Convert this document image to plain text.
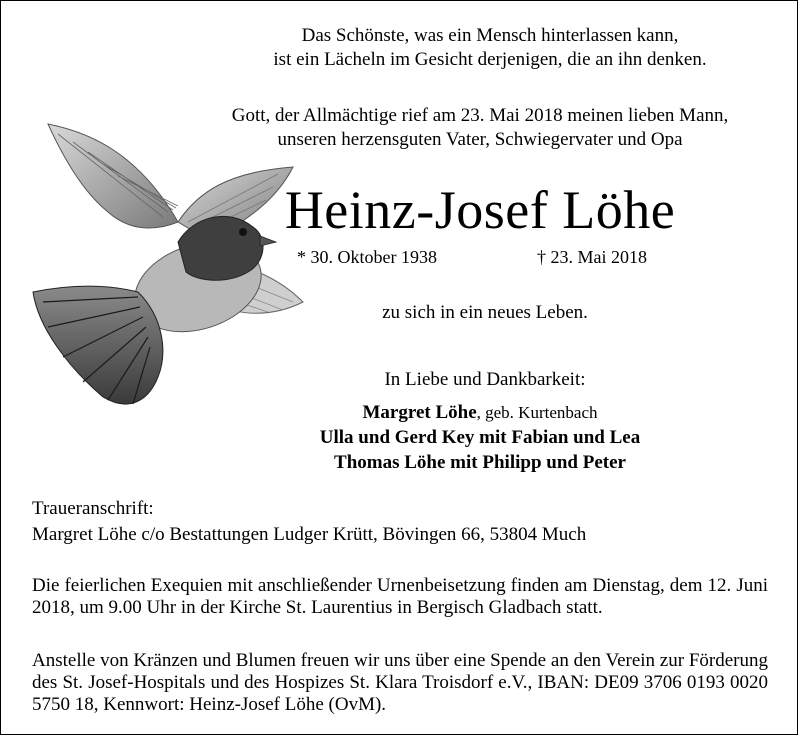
Das Schönste, was ein Mensch hinterlassen kann,
ist ein Lächeln im Gesicht derjenigen, die an ihn denken.
Gott, der Allmächtige rief am 23. Mai 2018 meinen lieben Mann,
unseren herzensguten Vater, Schwiegervater und Opa
Heinz-Josef Löhe
* 30. Oktober 1938	† 23. Mai 2018
zu sich in ein neues Leben.
In Liebe und Dankbarkeit:
Margret Löhe, geb. Kurtenbach
Ulla und Gerd Key mit Fabian und Lea
Thomas Löhe mit Philipp und Peter
Traueranschrift:
Margret Löhe c/o Bestattungen Ludger Krütt, Bövingen 66, 53804 Much
Die feierlichen Exequien mit anschließender Urnenbeisetzung finden am Dienstag, dem 12. Juni 2018, um 9.00 Uhr in der Kirche St. Laurentius in Bergisch Gladbach statt.
Anstelle von Kränzen und Blumen freuen wir uns über eine Spende an den Verein zur Förderung des St. Josef-Hospitals und des Hospizes St. Klara Troisdorf e.V., IBAN: DE09 3706 0193 0020 5750 18, Kennwort: Heinz-Josef Löhe (OvM).
